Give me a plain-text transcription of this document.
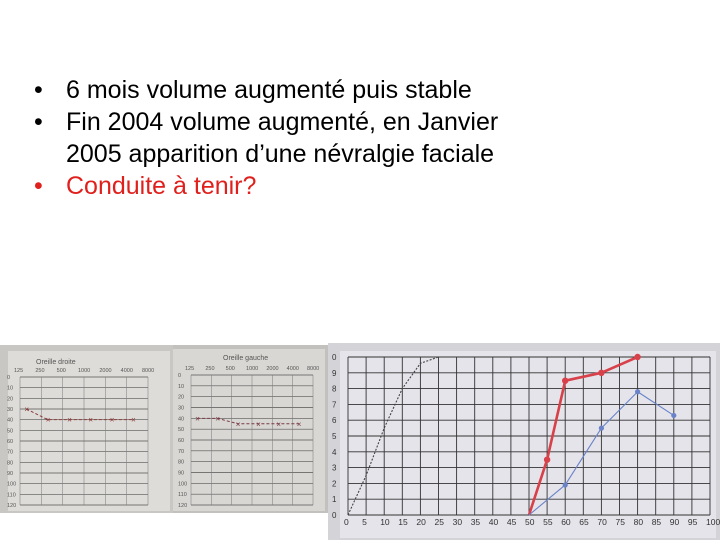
• 6 mois volume augmenté puis stable
• Fin 2004 volume augmenté, en Janvier
2005 apparition d’une névralgie faciale
• Conduite à tenir?
Oreille droite
125 250 500 1000 2000 4000 8000
0
10
20
30
40
50
60
70
80
90
100
110
120
×
× × × × ×
Oreille gauche
125 250 500 1000 2000 4000 8000
0
10
20
30
40
50
60
70
80
90
100
110
120
× ×
× × × ×
0
9
8
7
6
5
4
3
2
1
0
0 5 10 15 20 25 30 35 40 45 50 55 60 65 70 75 80 85 90 95 100
